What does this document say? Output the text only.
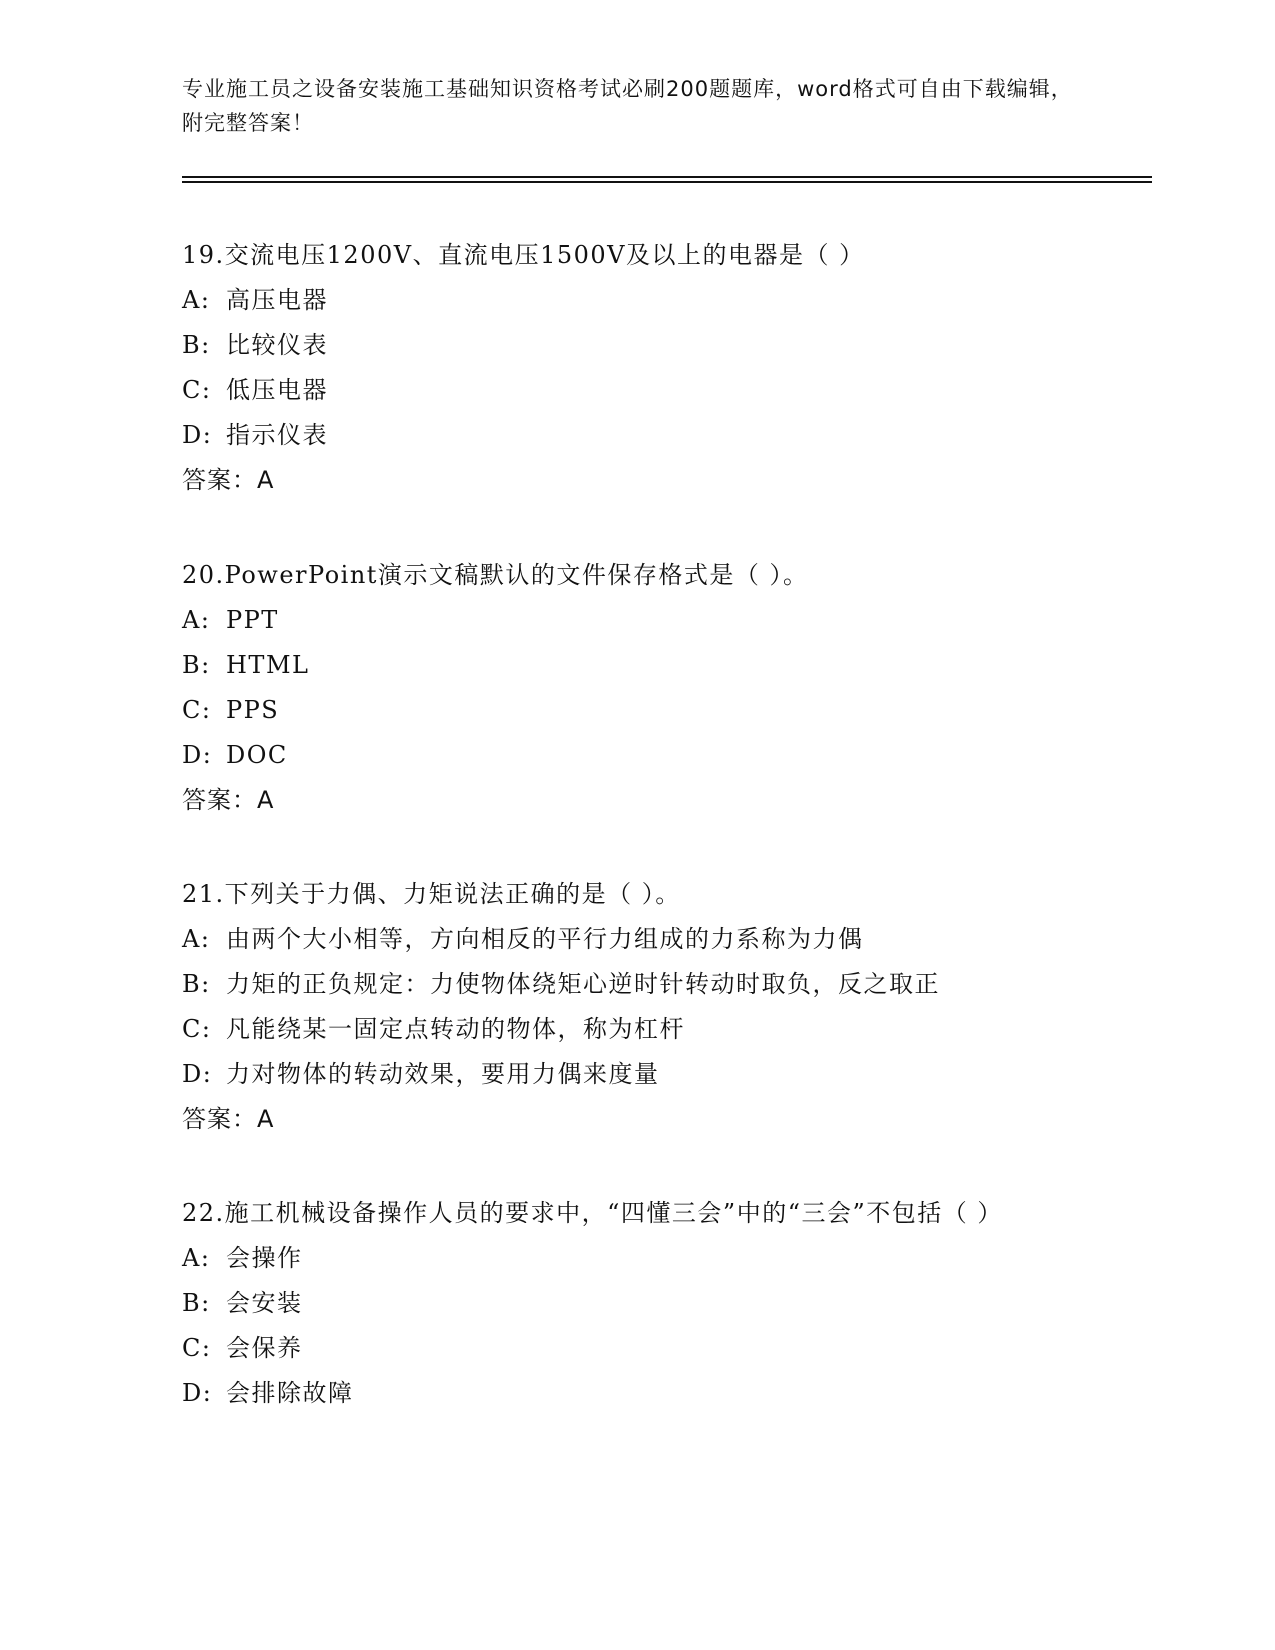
专业施工员之设备安装施工基础知识资格考试必刷200题题库，word格式可自由下载编辑，附完整答案！

19.交流电压1200V、直流电压1500V及以上的电器是（ ）

A: 高压电器

B: 比较仪表

C: 低压电器

D: 指示仪表

答案：A

20.PowerPoint演示文稿默认的文件保存格式是（ ）。

A: PPT

B: HTML

C: PPS

D: DOC

答案：A

21.下列关于力偶、力矩说法正确的是（ ）。

A: 由两个大小相等，方向相反的平行力组成的力系称为力偶

B: 力矩的正负规定：力使物体绕矩心逆时针转动时取负，反之取正

C: 凡能绕某一固定点转动的物体，称为杠杆

D: 力对物体的转动效果，要用力偶来度量

答案：A

22.施工机械设备操作人员的要求中，“四懂三会”中的“三会”不包括（ ）

A: 会操作

B: 会安装

C: 会保养

D: 会排除故障
